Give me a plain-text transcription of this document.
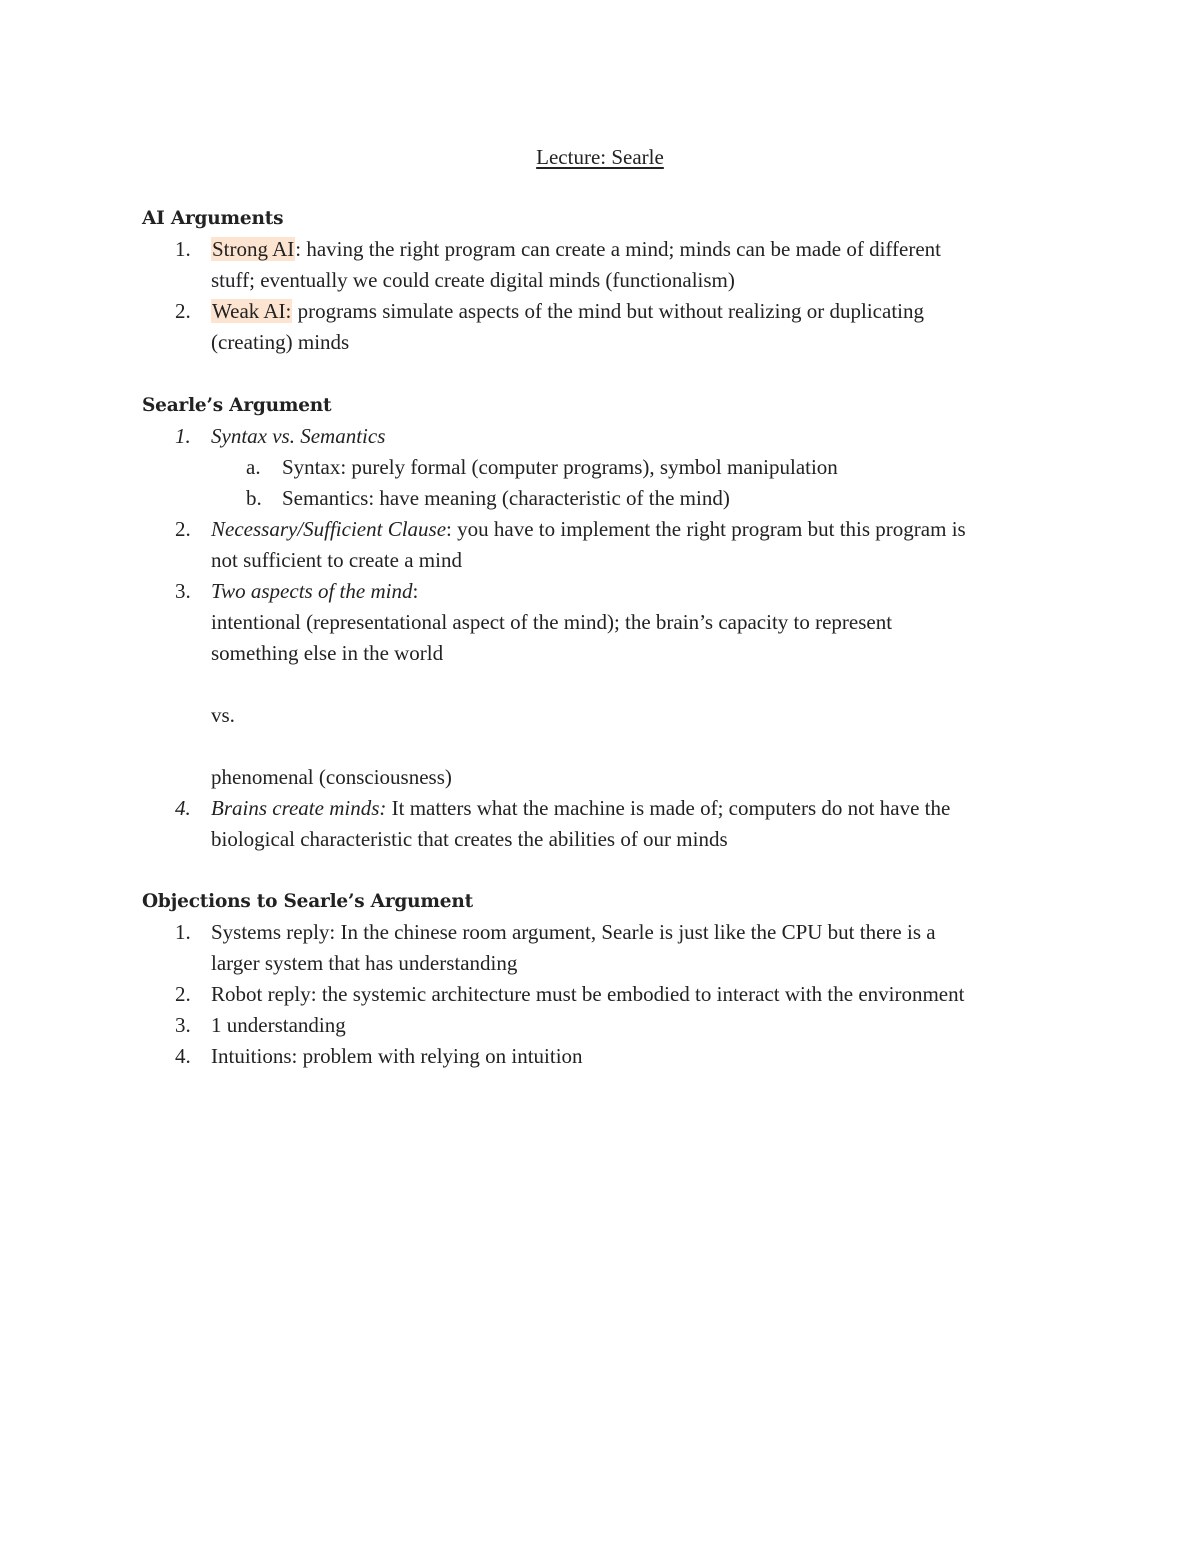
Lecture: Searle
AI Arguments
1. Strong AI: having the right program can create a mind; minds can be made of different
stuff; eventually we could create digital minds (functionalism)
2. Weak AI: programs simulate aspects of the mind but without realizing or duplicating
(creating) minds
Searle’s Argument
1. Syntax vs. Semantics
a. Syntax: purely formal (computer programs), symbol manipulation
b. Semantics: have meaning (characteristic of the mind)
2. Necessary/Sufficient Clause: you have to implement the right program but this program is
not sufficient to create a mind
3. Two aspects of the mind:
intentional (representational aspect of the mind); the brain’s capacity to represent
something else in the world
vs.
phenomenal (consciousness)
4. Brains create minds: It matters what the machine is made of; computers do not have the
biological characteristic that creates the abilities of our minds
Objections to Searle’s Argument
1. Systems reply: In the chinese room argument, Searle is just like the CPU but there is a
larger system that has understanding
2. Robot reply: the systemic architecture must be embodied to interact with the environment
3. 1 understanding
4. Intuitions: problem with relying on intuition
